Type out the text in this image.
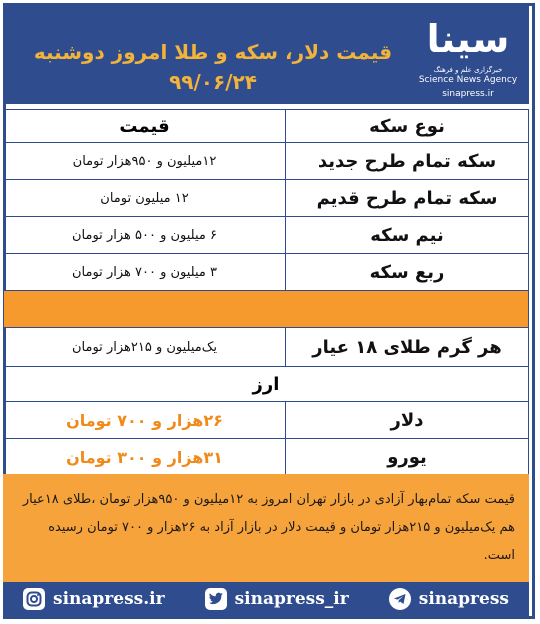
قیمت دلار، سکه و طلا امروز دوشنبه ۹۹/۰۶/۲۴
سینا
خبرگزاری علم و فرهنگ
Science News Agency
sinapress.ir
نوع سکه	قیمت
سکه تمام طرح جدید	۱۲میلیون و ۹۵۰هزار تومان
سکه تمام طرح قدیم	۱۲ میلیون تومان
نیم سکه	۶ میلیون و ۵۰۰ هزار تومان
ربع سکه	۳ میلیون و ۷۰۰ هزار تومان

هر گرم طلای ۱۸ عیار	یک‌میلیون و ۲۱۵هزار تومان
ارز	
دلار	۲۶هزار و ۷۰۰ تومان
یورو	۳۱هزار و ۳۰۰ تومان
قیمت سکه تمام‌بهار آزادی در بازار تهران امروز به ۱۲میلیون و ۹۵۰هزار تومان ،طلای ۱۸عیار هم یک‌میلیون و ۲۱۵هزار تومان و قیمت دلار در بازار آزاد به ۲۶هزار و ۷۰۰ تومان رسیده است.
sinapress.ir	sinapress_ir	sinapress
